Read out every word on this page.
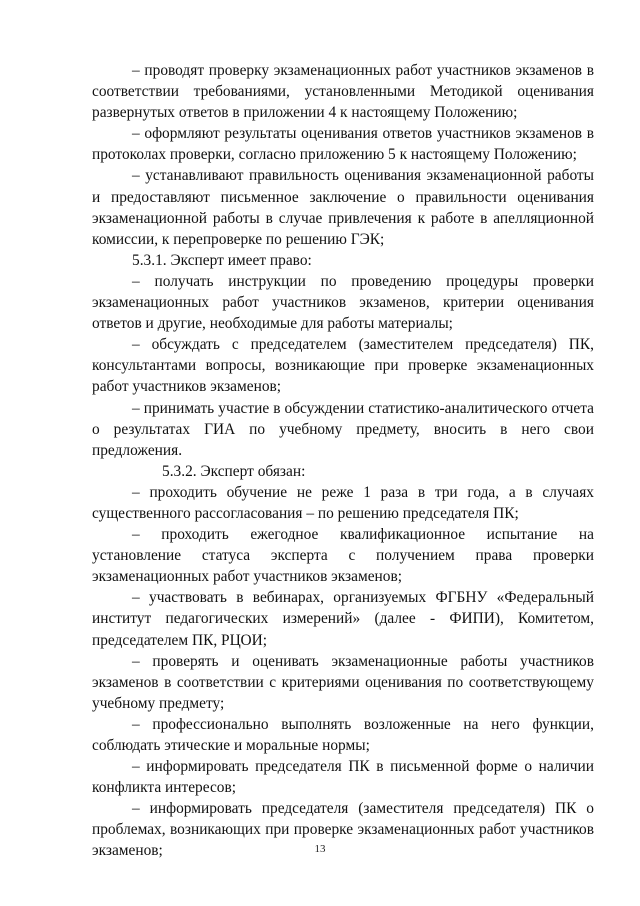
– проводят проверку экзаменационных работ участников экзаменов в соответствии требованиями, установленными Методикой оценивания развернутых ответов в приложении 4 к настоящему Положению;

– оформляют результаты оценивания ответов участников экзаменов в протоколах проверки, согласно приложению 5 к настоящему Положению;

– устанавливают правильность оценивания экзаменационной работы и предоставляют письменное заключение о правильности оценивания экзаменационной работы в случае привлечения к работе в апелляционной комиссии, к перепроверке по решению ГЭК;

5.3.1. Эксперт имеет право:

– получать инструкции по проведению процедуры проверки экзаменационных работ участников экзаменов, критерии оценивания ответов и другие, необходимые для работы материалы;

– обсуждать с председателем (заместителем председателя) ПК, консультантами вопросы, возникающие при проверке экзаменационных работ участников экзаменов;

– принимать участие в обсуждении статистико-аналитического отчета о результатах ГИА по учебному предмету, вносить в него свои предложения.

5.3.2. Эксперт обязан:

– проходить обучение не реже 1 раза в три года, а в случаях существенного рассогласования – по решению председателя ПК;

– проходить ежегодное квалификационное испытание на установление статуса эксперта с получением права проверки экзаменационных работ участников экзаменов;

– участвовать в вебинарах, организуемых ФГБНУ «Федеральный институт педагогических измерений» (далее - ФИПИ), Комитетом, председателем ПК, РЦОИ;

– проверять и оценивать экзаменационные работы участников экзаменов в соответствии с критериями оценивания по соответствующему учебному предмету;

– профессионально выполнять возложенные на него функции, соблюдать этические и моральные нормы;

– информировать председателя ПК в письменной форме о наличии конфликта интересов;

– информировать председателя (заместителя председателя) ПК о проблемах, возникающих при проверке экзаменационных работ участников экзаменов;	13
